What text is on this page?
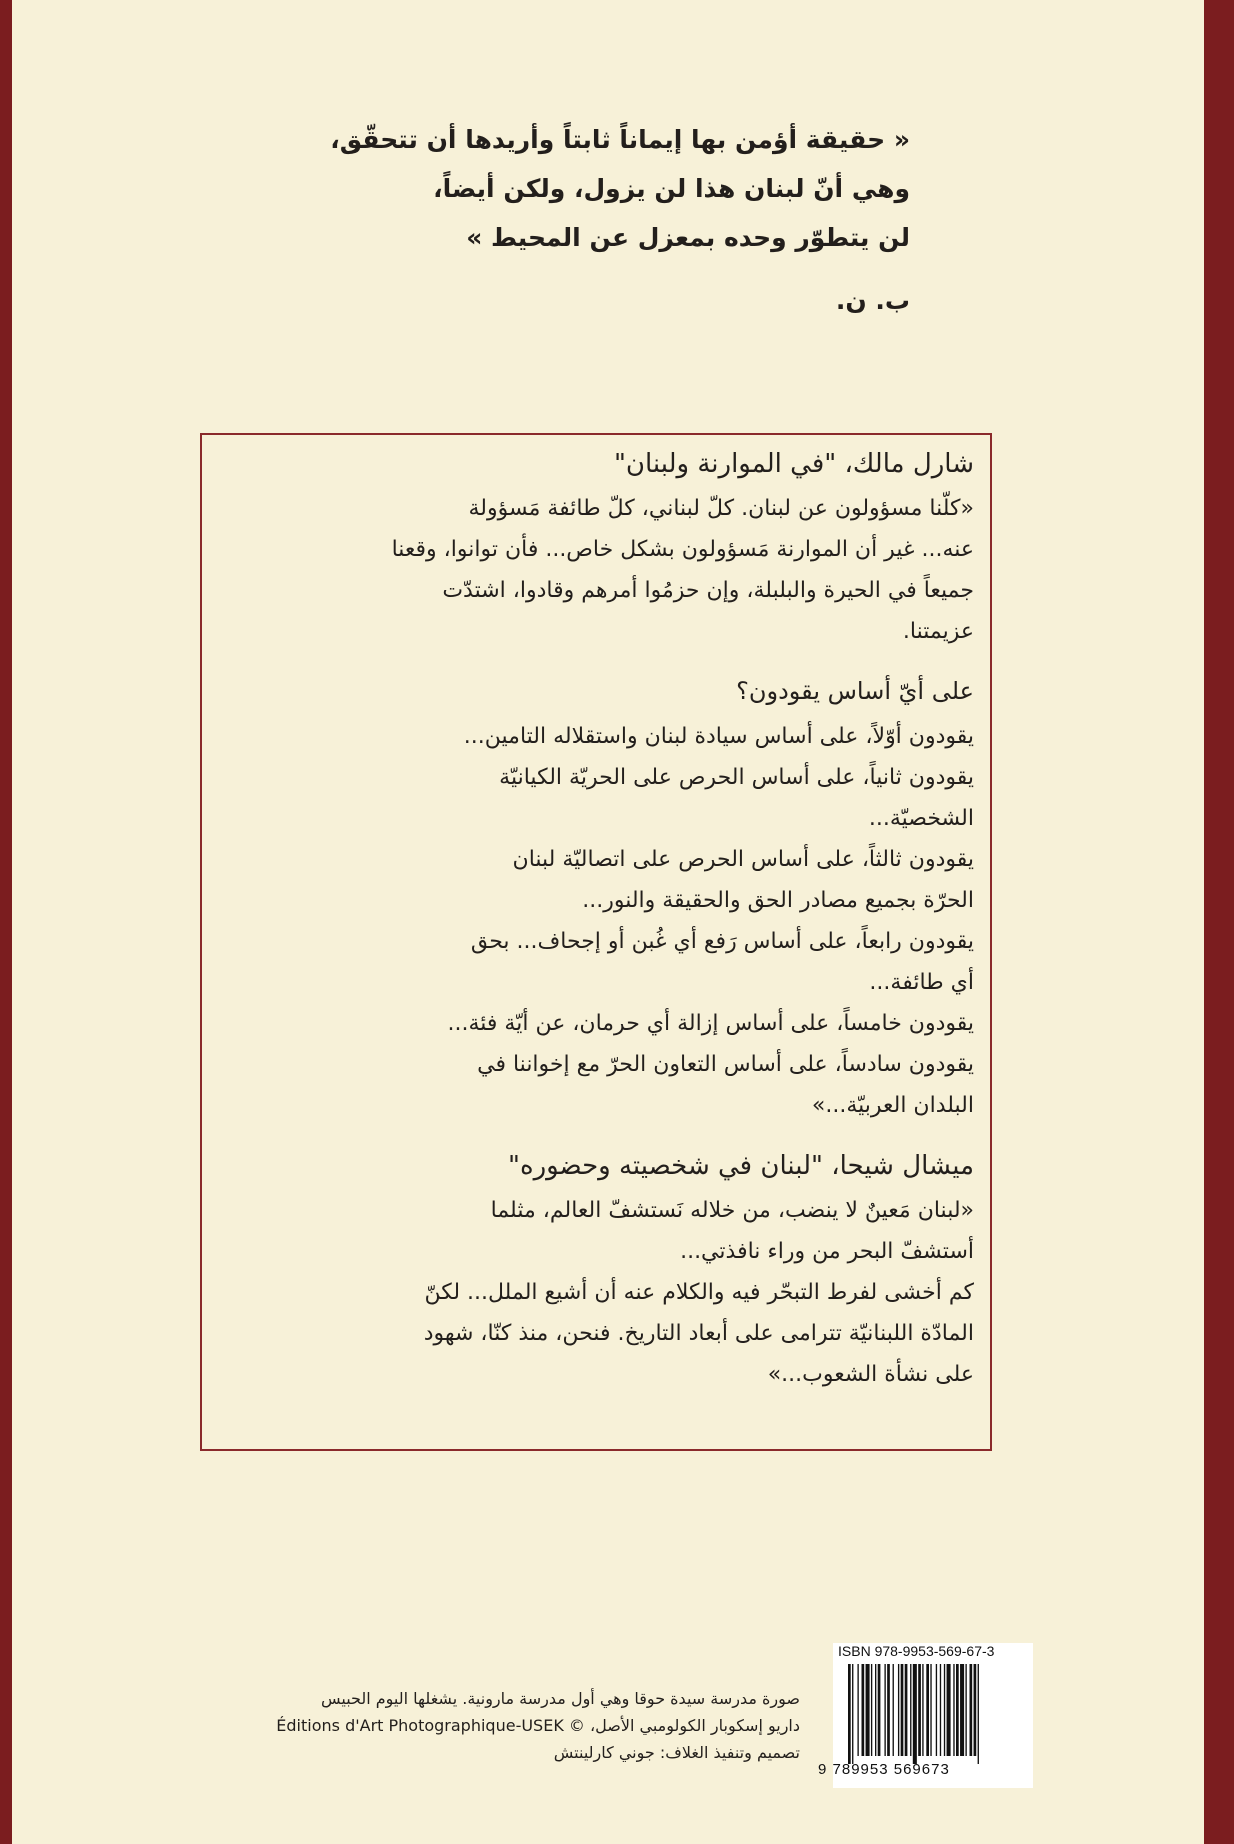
« حقيقة أؤمن بها إيماناً ثابتاً وأريدها أن تتحقّق،
وهي أنّ لبنان هذا لن يزول، ولكن أيضاً،
لن يتطوّر وحده بمعزل عن المحيط »
ب. ن.
شارل مالك، "في الموارنة ولبنان"
«كلّنا مسؤولون عن لبنان. كلّ لبناني، كلّ طائفة مَسؤولة
عنه... غير أن الموارنة مَسؤولون بشكل خاص... فأن توانوا، وقعنا
جميعاً في الحيرة والبلبلة، وإن حزمُوا أمرهم وقادوا، اشتدّت
عزيمتنا.
على أيّ أساس يقودون؟
يقودون أوّلاً، على أساس سيادة لبنان واستقلاله التامين...
يقودون ثانياً، على أساس الحرص على الحريّة الكيانيّة
الشخصيّة...
يقودون ثالثاً، على أساس الحرص على اتصاليّة لبنان
الحرّة بجميع مصادر الحق والحقيقة والنور...
يقودون رابعاً، على أساس رَفع أي غُبن أو إجحاف... بحق
أي طائفة...
يقودون خامساً، على أساس إزالة أي حرمان، عن أيّة فئة...
يقودون سادساً، على أساس التعاون الحرّ مع إخواننا في
البلدان العربيّة...»
ميشال شيحا، "لبنان في شخصيته وحضوره"
«لبنان مَعينٌ لا ينضب، من خلاله نَستشفّ العالم، مثلما
أستشفّ البحر من وراء نافذتي...
كم أخشى لفرط التبحّر فيه والكلام عنه أن أشيع الملل... لكنّ
المادّة اللبنانيّة تترامى على أبعاد التاريخ. فنحن، منذ كنّا، شهود
على نشأة الشعوب...»
صورة مدرسة سيدة حوقا وهي أول مدرسة مارونية. يشغلها اليوم الحبيس
داريو إسكوبار الكولومبي الأصل، © Éditions d'Art Photographique-USEK
تصميم وتنفيذ الغلاف: جوني كارلينتش
ISBN 978-9953-569-67-3
9 789953 569673
